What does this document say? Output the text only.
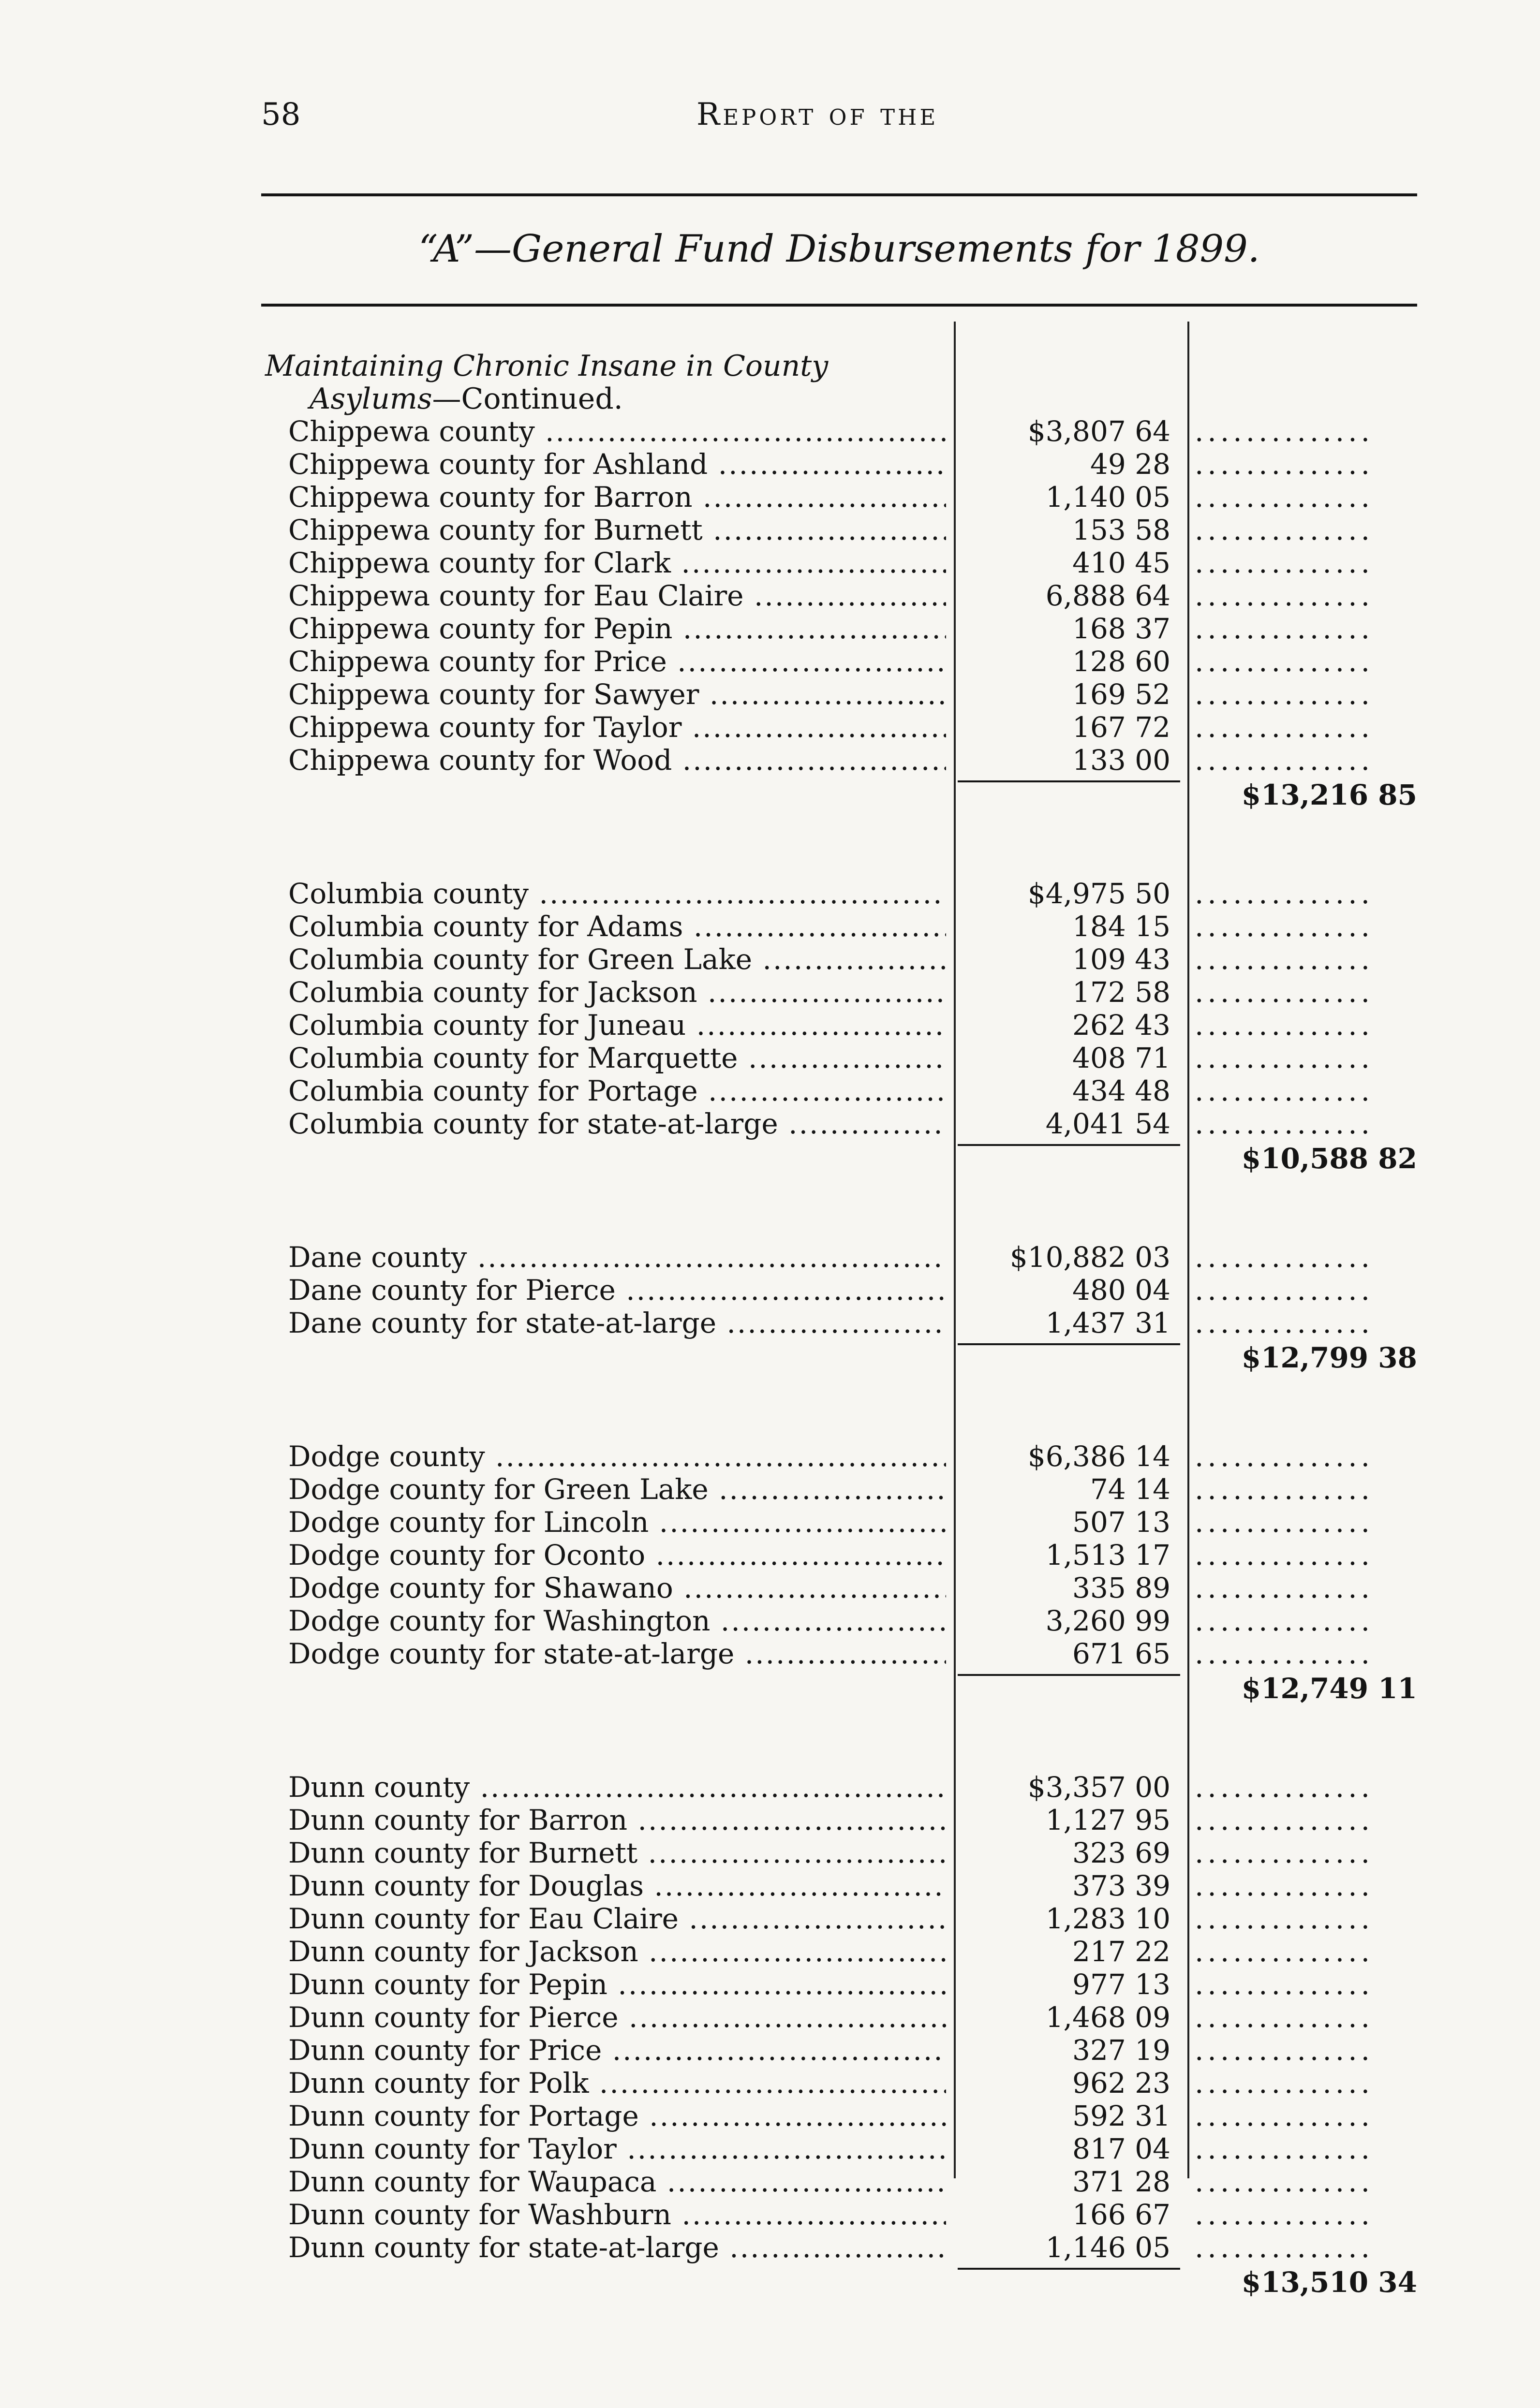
58	Report of the
“A”—General Fund Disbursements for 1899.
Maintaining Chronic Insane in County
Asylums—Continued.
Chippewa county .....	$3,807 64 ..............
Chippewa county for Ashland .....	49 28 ..............
Chippewa county for Barron .....	1,140 05 ..............
Chippewa county for Burnett .....	153 58 ..............
Chippewa county for Clark .....	410 45 ..............
Chippewa county for Eau Claire .....	6,888 64 ..............
Chippewa county for Pepin .....	168 37 ..............
Chippewa county for Price .....	128 60 ..............
Chippewa county for Sawyer .....	169 52 ..............
Chippewa county for Taylor .....	167 72 ..............
Chippewa county for Wood .....	133 00 ..............
$13,216 85
Columbia county .....	$4,975 50 ..............
Columbia county for Adams .....	184 15 ..............
Columbia county for Green Lake .....	109 43 ..............
Columbia county for Jackson .....	172 58 ..............
Columbia county for Juneau .....	262 43 ..............
Columbia county for Marquette .....	408 71 ..............
Columbia county for Portage .....	434 48 ..............
Columbia county for state-at-large .....	4,041 54 ..............
$10,588 82
Dane county .....	$10,882 03 ..............
Dane county for Pierce .....	480 04 ..............
Dane county for state-at-large .....	1,437 31 ..............
$12,799 38
Dodge county .....	$6,386 14 ..............
Dodge county for Green Lake .....	74 14 ..............
Dodge county for Lincoln .....	507 13 ..............
Dodge county for Oconto .....	1,513 17 ..............
Dodge county for Shawano .....	335 89 ..............
Dodge county for Washington .....	3,260 99 ..............
Dodge county for state-at-large .....	671 65 ..............
$12,749 11
Dunn county .....	$3,357 00 ..............
Dunn county for Barron .....	1,127 95 ..............
Dunn county for Burnett .....	323 69 ..............
Dunn county for Douglas .....	373 39 ..............
Dunn county for Eau Claire .....	1,283 10 ..............
Dunn county for Jackson .....	217 22 ..............
Dunn county for Pepin .....	977 13 ..............
Dunn county for Pierce .....	1,468 09 ..............
Dunn county for Price .....	327 19 ..............
Dunn county for Polk .....	962 23 ..............
Dunn county for Portage .....	592 31 ..............
Dunn county for Taylor .....	817 04 ..............
Dunn county for Waupaca .....	371 28 ..............
Dunn county for Washburn .....	166 67 ..............
Dunn county for state-at-large .....	1,146 05 ..............
$13,510 34
